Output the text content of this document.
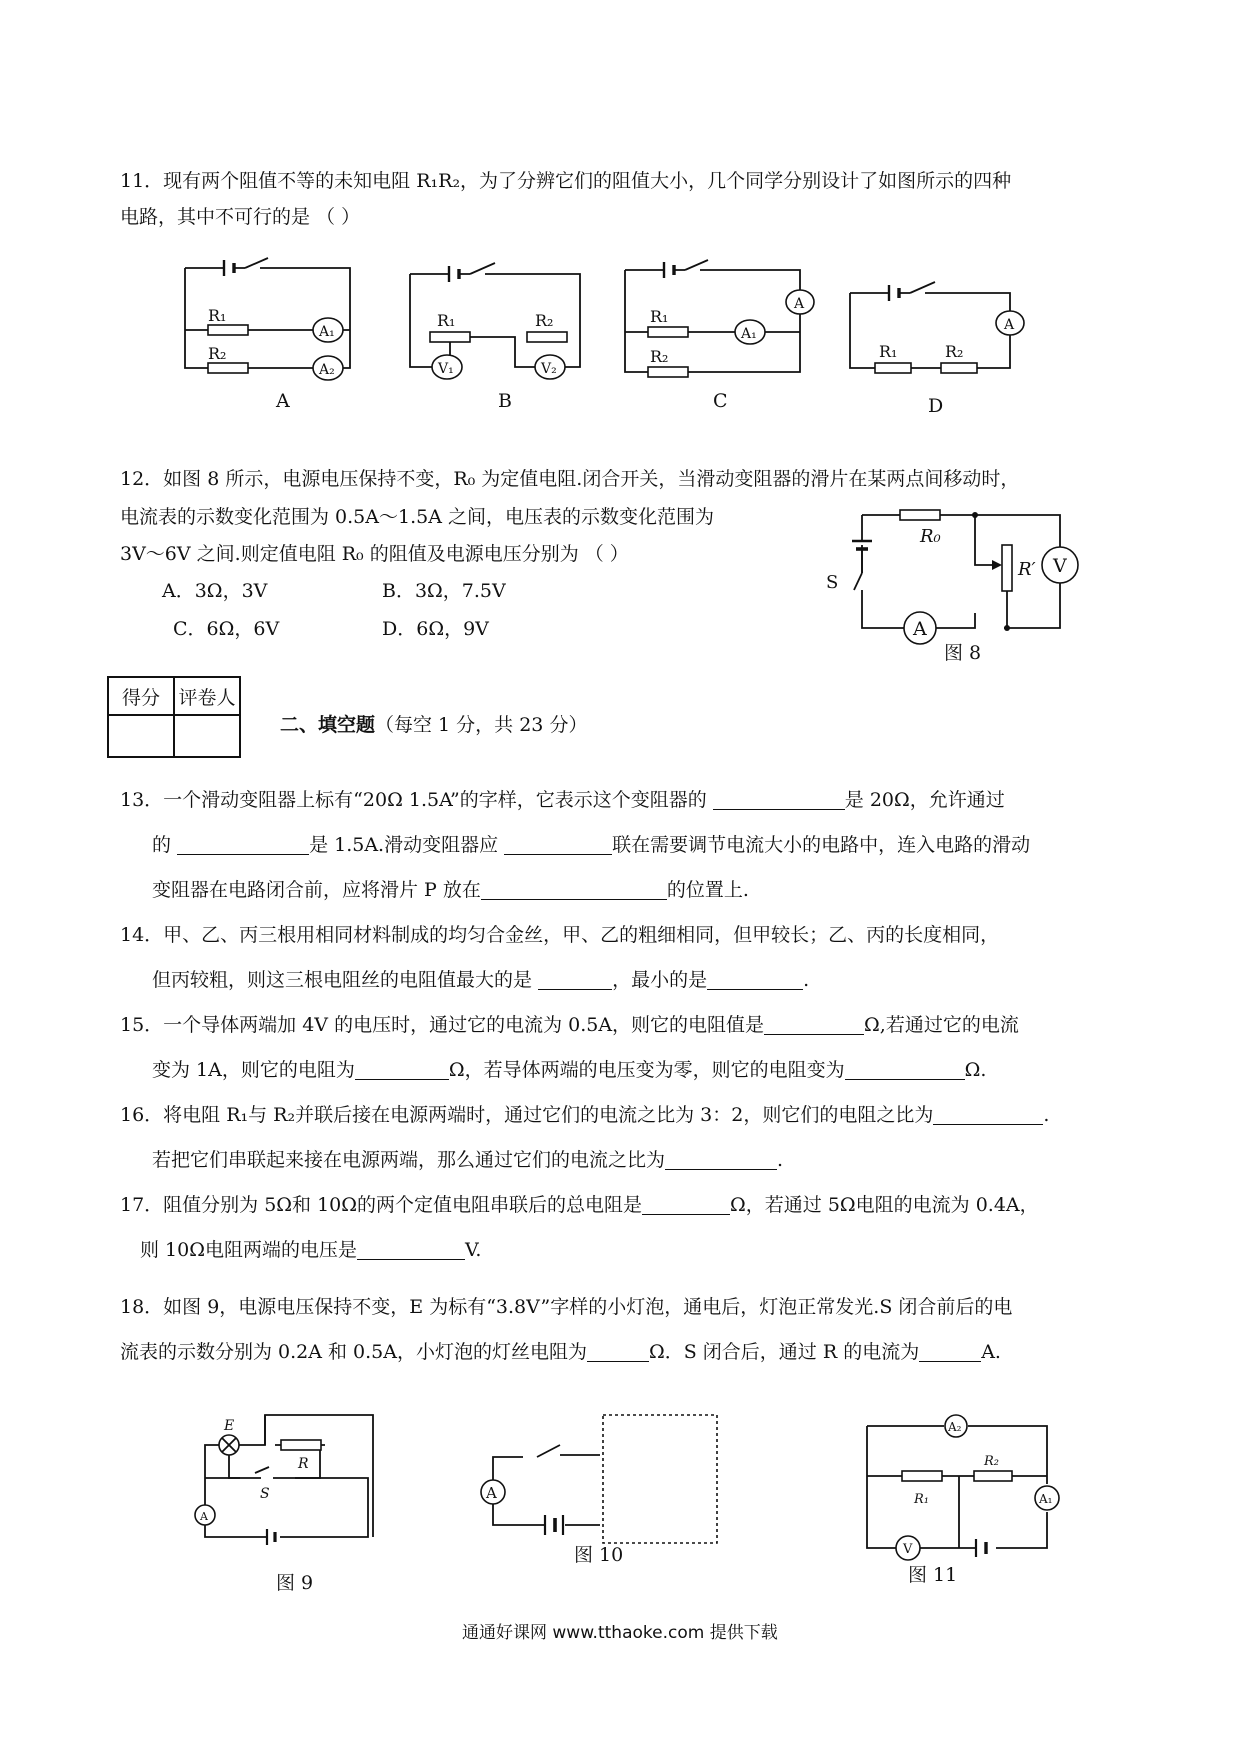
11．现有两个阻值不等的未知电阻 R₁R₂，为了分辨它们的阻值大小，几个同学分别设计了如图所示的四种
电路，其中不可行的是 （ ）
R₁
R₂
A₁
A₂
A
R₁	R₂
V₁	V₂
B
R₁
R₂
A₁
A
C
R₁	R₂
A
D
12．如图 8 所示，电源电压保持不变，R₀ 为定值电阻.闭合开关，当滑动变阻器的滑片在某两点间移动时，
电流表的示数变化范围为 0.5A～1.5A 之间，电压表的示数变化范围为
3V～6V 之间.则定值电阻 R₀ 的阻值及电源电压分别为 （ ）
A．3Ω，3V	B．3Ω，7.5V
C．6Ω，6V	D．6Ω，9V
R₀
R′ V
A
S
图 8
得分	评卷人

二、填空题（每空 1 分，共 23 分）
13．一个滑动变阻器上标有“20Ω 1.5A”的字样，它表示这个变阻器的	是 20Ω，允许通过
的	是 1.5A.滑动变阻器应	联在需要调节电流大小的电路中，连入电路的滑动
变阻器在电路闭合前，应将滑片 P 放在	的位置上.
14．甲、乙、丙三根用相同材料制成的均匀合金丝，甲、乙的粗细相同，但甲较长；乙、丙的长度相同，
但丙较粗，则这三根电阻丝的电阻值最大的是	，最小的是	.
15．一个导体两端加 4V 的电压时，通过它的电流为 0.5A，则它的电阻值是	Ω,若通过它的电流
变为 1A，则它的电阻为	Ω，若导体两端的电压变为零，则它的电阻变为	Ω.
16．将电阻 R₁与 R₂并联后接在电源两端时，通过它们的电流之比为 3：2，则它们的电阻之比为	.
若把它们串联起来接在电源两端，那么通过它们的电流之比为	.
17．阻值分别为 5Ω和 10Ω的两个定值电阻串联后的总电阻是	Ω，若通过 5Ω电阻的电流为 0.4A，
则 10Ω电阻两端的电压是	V.
18．如图 9，电源电压保持不变，E 为标有“3.8V”字样的小灯泡，通电后，灯泡正常发光.S 闭合前后的电
流表的示数分别为 0.2A 和 0.5A，小灯泡的灯丝电阻为	Ω．S 闭合后，通过 R 的电流为	A.
E
R
S
A
图 9
A
图 10
A₂
A₁
V
R₁
R₂
图 11
通通好课网 www.tthaoke.com 提供下载
